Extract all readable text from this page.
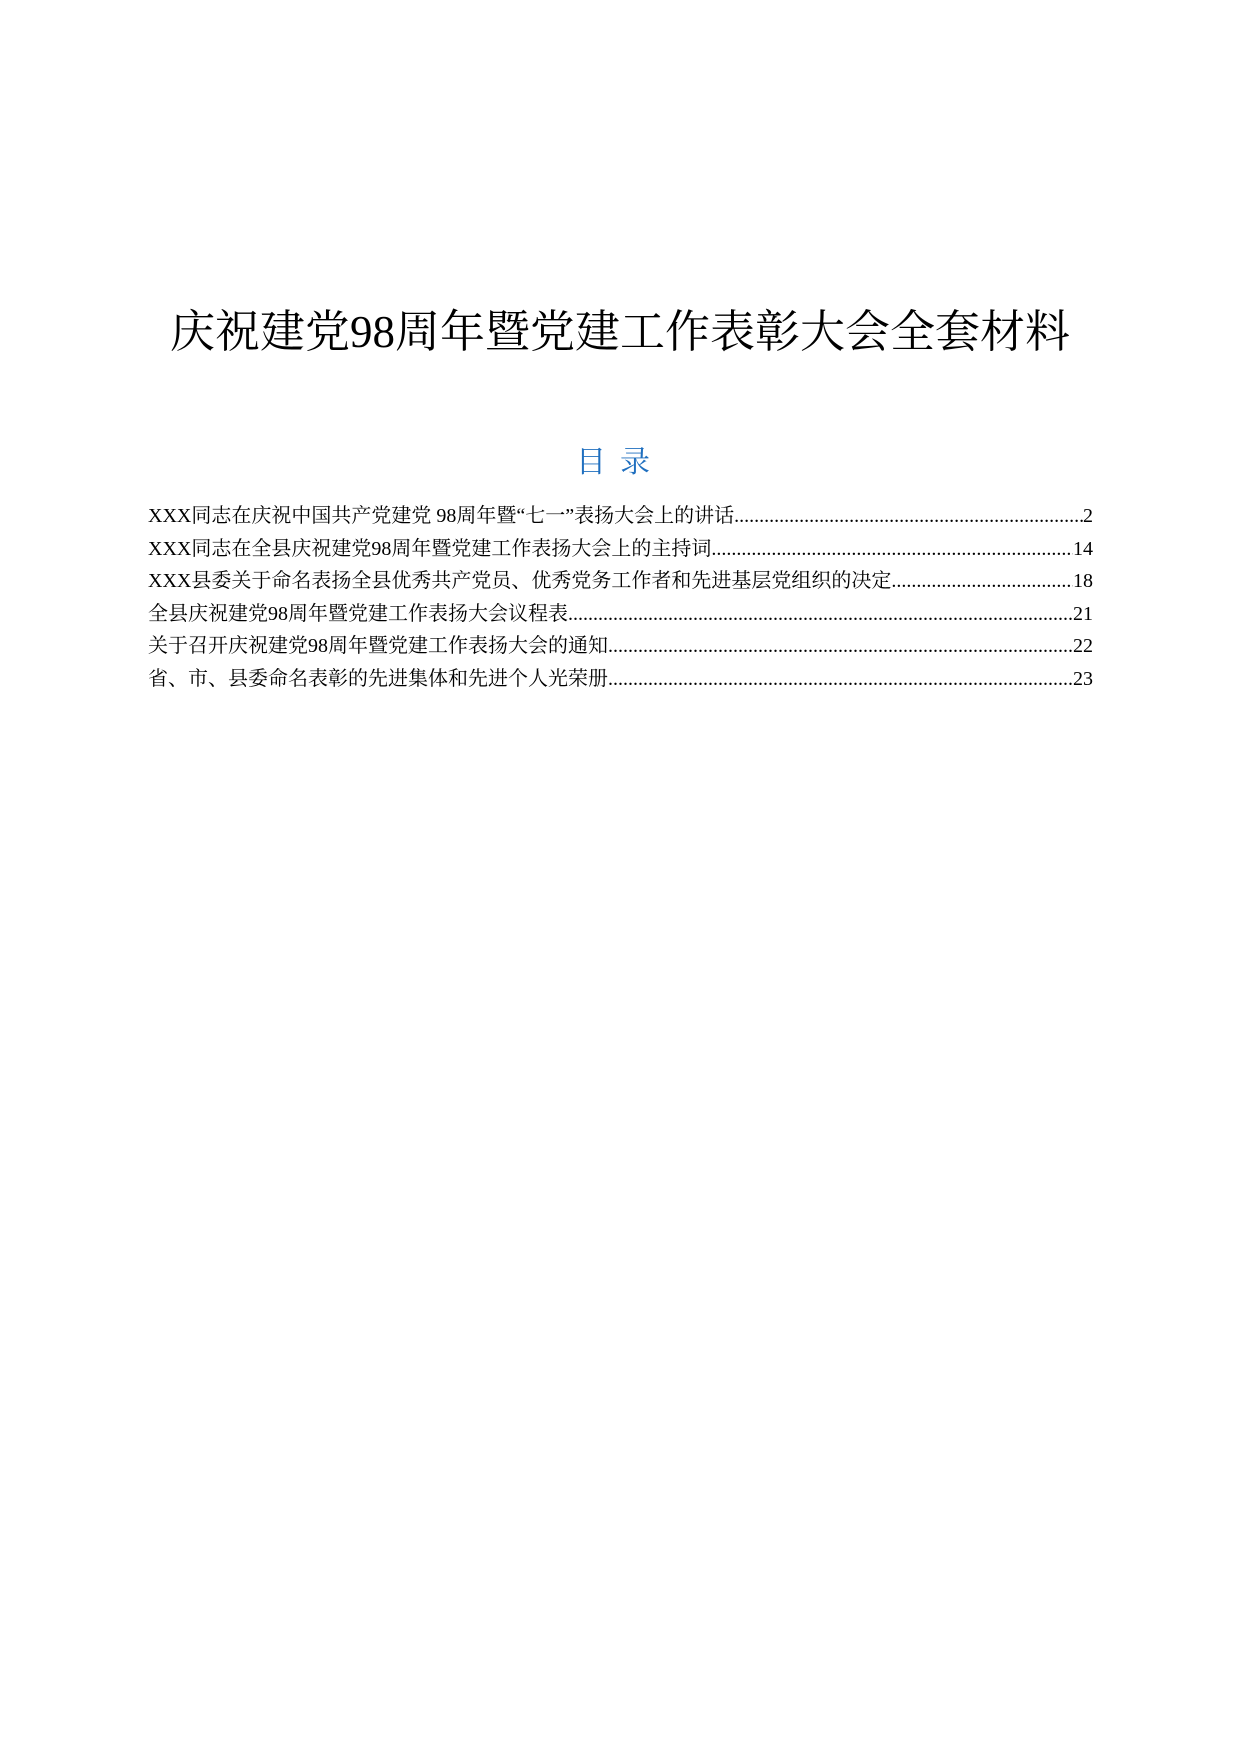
庆祝建党98周年暨党建工作表彰大会全套材料
目录
XXX同志在庆祝中国共产党建党 98周年暨“七一”表扬大会上的讲话 .....	2
XXX同志在全县庆祝建党98周年暨党建工作表扬大会上的主持词 .....	14
XXX县委关于命名表扬全县优秀共产党员、优秀党务工作者和先进基层党组织的决定 .....	18
全县庆祝建党98周年暨党建工作表扬大会议程表 .....	21
关于召开庆祝建党98周年暨党建工作表扬大会的通知 .....	22
省、市、县委命名表彰的先进集体和先进个人光荣册 .....	23
